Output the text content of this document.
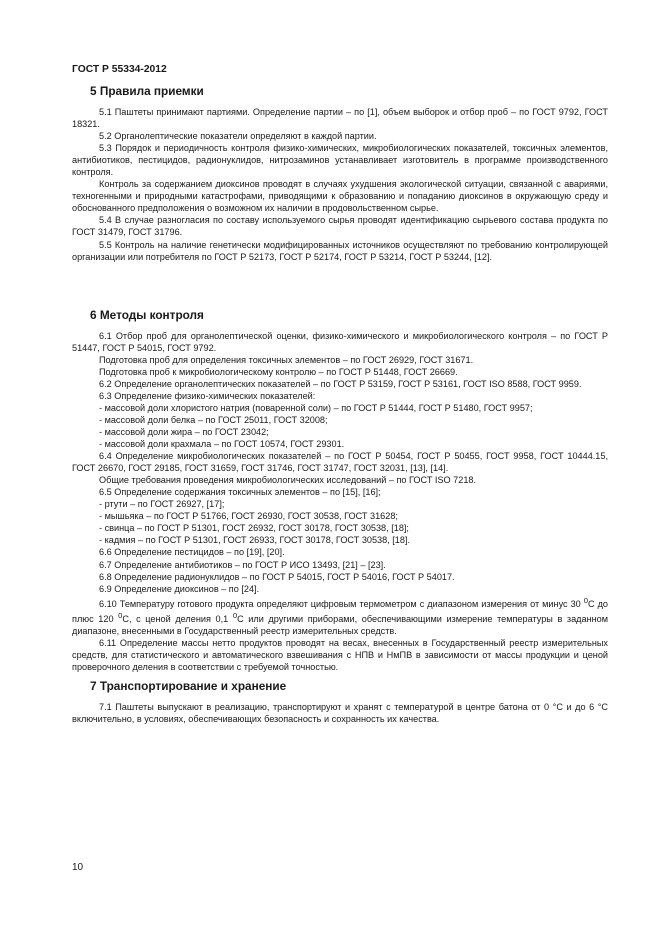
ГОСТ Р 55334-2012
5 Правила приемки

5.1 Паштеты принимают партиями. Определение партии – по [1], объем выборок и отбор проб – по ГОСТ 9792, ГОСТ 18321.

5.2 Органолептические показатели определяют в каждой партии.

5.3 Порядок и периодичность контроля физико-химических, микробиологических показателей, токсичных элементов, антибиотиков, пестицидов, радионуклидов, нитрозаминов устанавливает изготовитель в программе производственного контроля.

Контроль за содержанием диоксинов проводят в случаях ухудшения экологической ситуации, связанной с авариями, техногенными и природными катастрофами, приводящими к образованию и попаданию диоксинов в окружающую среду и обоснованного предположения о возможном их наличии в продовольственном сырье.

5.4 В случае разногласия по составу используемого сырья проводят идентификацию сырьевого состава продукта по ГОСТ 31479, ГОСТ 31796.

5.5 Контроль на наличие генетически модифицированных источников осуществляют по требованию контролирующей организации или потребителя по ГОСТ Р 52173, ГОСТ Р 52174, ГОСТ Р 53214, ГОСТ Р 53244, [12].

6 Методы контроля

6.1 Отбор проб для органолептической оценки, физико-химического и микробиологического контроля – по ГОСТ Р 51447, ГОСТ Р 54015, ГОСТ 9792.

Подготовка проб для определения токсичных элементов – по ГОСТ 26929, ГОСТ 31671.

Подготовка проб к микробиологическому контролю – по ГОСТ Р 51448, ГОСТ 26669.

6.2 Определение органолептических показателей – по ГОСТ Р 53159, ГОСТ Р 53161, ГОСТ ISO 8588, ГОСТ 9959.

6.3 Определение физико-химических показателей:

- массовой доли хлористого натрия (поваренной соли) – по ГОСТ Р 51444, ГОСТ Р 51480, ГОСТ 9957;

- массовой доли белка – по ГОСТ 25011, ГОСТ 32008;

- массовой доли жира – по ГОСТ 23042;

- массовой доли крахмала – по ГОСТ 10574, ГОСТ 29301.

6.4 Определение микробиологических показателей – по ГОСТ Р 50454, ГОСТ Р 50455, ГОСТ 9958, ГОСТ 10444.15, ГОСТ 26670, ГОСТ 29185, ГОСТ 31659, ГОСТ 31746, ГОСТ 31747, ГОСТ 32031, [13], [14].

Общие требования проведения микробиологических исследований – по ГОСТ ISO 7218.

6.5 Определение содержания токсичных элементов – по [15], [16];

- ртути – по ГОСТ 26927, [17];

- мышьяка – по ГОСТ Р 51766, ГОСТ 26930, ГОСТ 30538, ГОСТ 31628;

- свинца – по ГОСТ Р 51301, ГОСТ 26932, ГОСТ 30178, ГОСТ 30538, [18];

- кадмия – по ГОСТ Р 51301, ГОСТ 26933, ГОСТ 30178, ГОСТ 30538, [18].

6.6 Определение пестицидов – по [19], [20].

6.7 Определение антибиотиков – по ГОСТ Р ИСО 13493, [21] – [23].

6.8 Определение радионуклидов – по ГОСТ Р 54015, ГОСТ Р 54016, ГОСТ Р 54017.

6.9 Определение диоксинов – по [24].

6.10 Температуру готового продукта определяют цифровым термометром с диапазоном измерения от минус 30 $^0$С до плюс 120 $^0$С, с ценой деления 0,1 $^0$С или другими приборами, обеспечивающими измерение температуры в заданном диапазоне, внесенными в Государственный реестр измерительных средств.

6.11 Определение массы нетто продуктов проводят на весах, внесенных в Государственный реестр измерительных средств, для статистического и автоматического взвешивания с НПВ и НмПВ в зависимости от массы продукции и ценой проверочного деления в соответствии с требуемой точностью.

7 Транспортирование и хранение

7.1 Паштеты выпускают в реализацию, транспортируют и хранят с температурой в центре батона от 0 °С и до 6 °С включительно, в условиях, обеспечивающих безопасность и сохранность их качества.

10
